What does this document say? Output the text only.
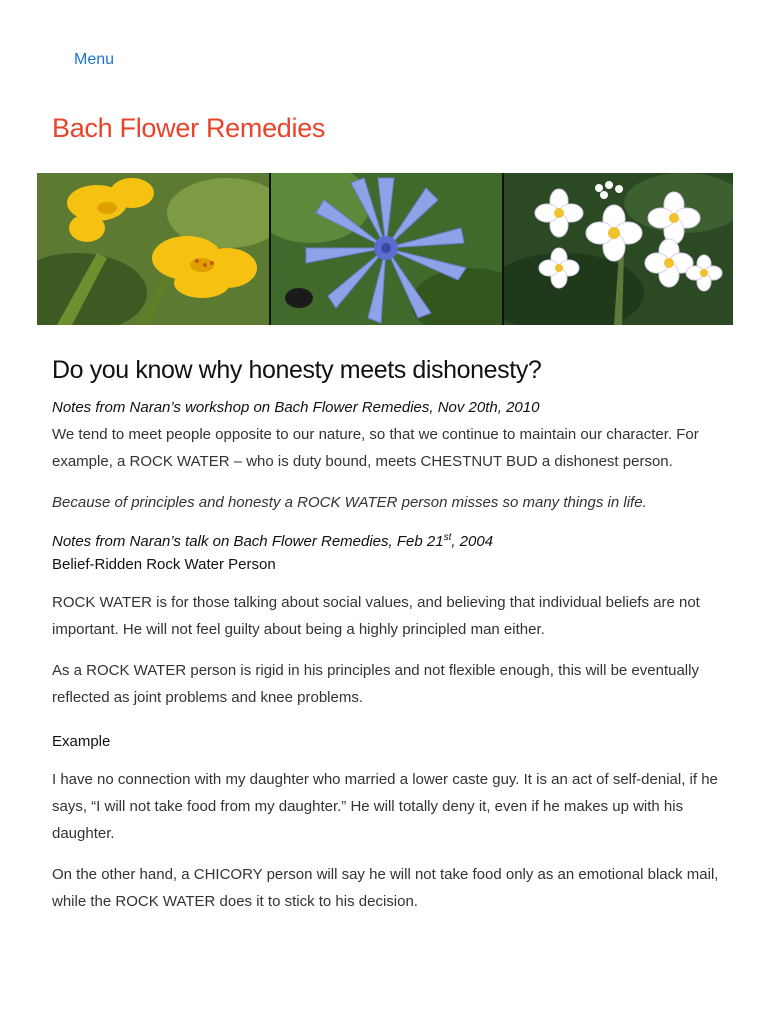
Menu
Bach Flower Remedies
Do you know why honesty meets dishonesty?

Notes from Naran’s workshop on Bach Flower Remedies, Nov 20th, 2010

We tend to meet people opposite to our nature, so that we continue to maintain our character. For example, a ROCK WATER – who is duty bound, meets CHESTNUT BUD a dishonest person.

Because of principles and honesty a ROCK WATER person misses so many things in life.

Notes from Naran’s talk on Bach Flower Remedies, Feb 21st, 2004

Belief-Ridden Rock Water Person

ROCK WATER is for those talking about social values, and believing that individual beliefs are not important. He will not feel guilty about being a highly principled man either.

As a ROCK WATER person is rigid in his principles and not flexible enough, this will be eventually reflected as joint problems and knee problems.

Example

I have no connection with my daughter who married a lower caste guy. It is an act of self-denial, if he says, “I will not take food from my daughter.” He will totally deny it, even if he makes up with his daughter.

On the other hand, a CHICORY person will say he will not take food only as an emotional black mail, while the ROCK WATER does it to stick to his decision.
